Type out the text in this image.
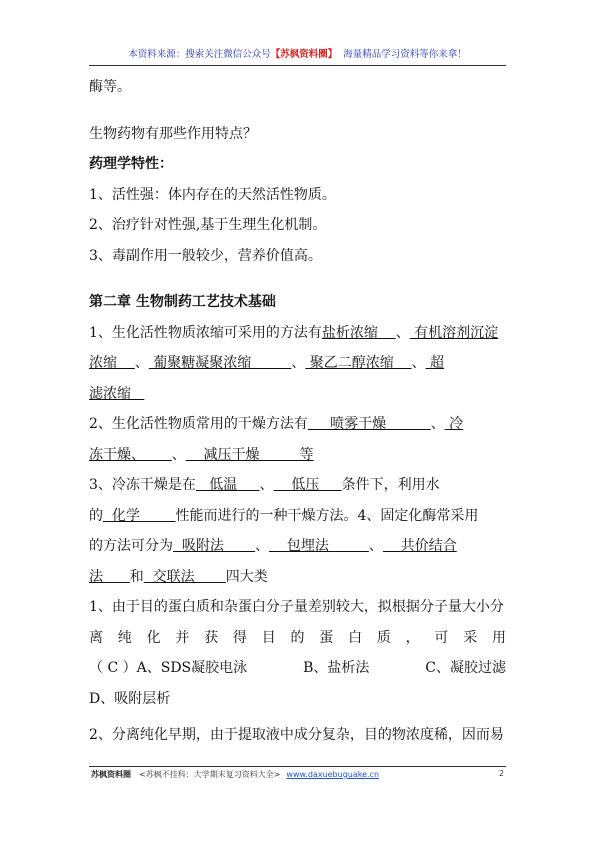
本资料来源：搜索关注微信公众号【苏枫资料圈】 海量精品学习资料等你来拿！
酶等。
生物药物有那些作用特点？
药理学特性：
1、活性强：体内存在的天然活性物质。
2、治疗针对性强,基于生理生化机制。
3、毒副作用一般较少，营养价值高。
第二章 生物制药工艺技术基础
1、生化活性物质浓缩可采用的方法有盐析浓缩    、 有机溶剂沉淀
浓缩    、 葡聚糖凝聚浓缩         、 聚乙二醇浓缩    、 超
滤浓缩
2、生化活性物质常用的干燥方法有     喷雾干燥          、 冷
冻干燥、      、    减压干燥         等
3、冷冻干燥是在   低温     、    低压     条件下，利用水
的  化学        性能而进行的一种干燥方法。4、固定化酶常采用
的方法可分为  吸附法       、    包埋法         、    共价结合
法      和  交联法       四大类
1、由于目的蛋白质和杂蛋白分子量差别较大，拟根据分子量大小分
离纯化并获得目的蛋白质，可采用
（ C ）A、SDS凝胶电泳	B、盐析法	C、凝胶过滤
D、吸附层析
2、分离纯化早期，由于提取液中成分复杂，目的物浓度稀，因而易
苏枫资料圈 <苏枫不挂科：大学期末复习资料大全> www.daxuebuguake.cn	2
